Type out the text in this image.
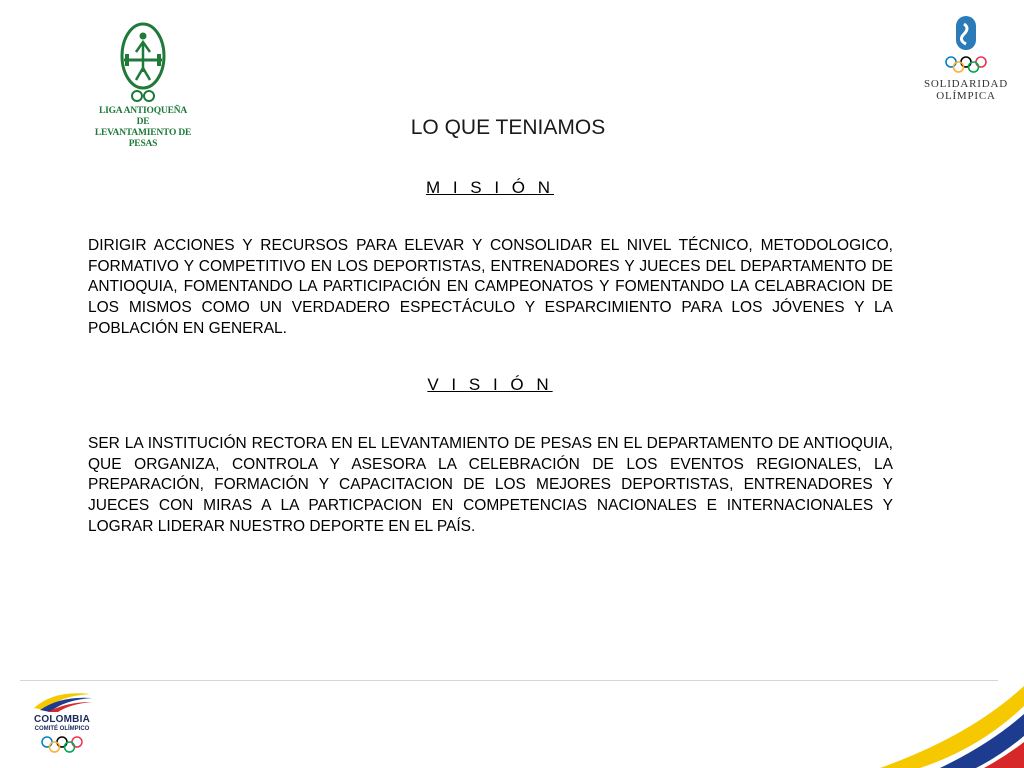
LIGA ANTIOQUEÑA DE
LEVANTAMIENTO DE PESAS
SOLIDARIDAD
OLÍMPICA
LO QUE TENIAMOS
M I S I Ó N
DIRIGIR ACCIONES Y RECURSOS PARA ELEVAR Y CONSOLIDAR EL NIVEL TÉCNICO, METODOLOGICO, FORMATIVO Y COMPETITIVO EN LOS DEPORTISTAS, ENTRENADORES Y JUECES DEL DEPARTAMENTO DE ANTIOQUIA, FOMENTANDO LA PARTICIPACIÓN EN CAMPEONATOS Y FOMENTANDO LA CELABRACION DE LOS MISMOS COMO UN VERDADERO ESPECTÁCULO Y ESPARCIMIENTO PARA LOS JÓVENES Y LA POBLACIÓN EN GENERAL.
V I S I Ó N
SER LA INSTITUCIÓN RECTORA EN EL LEVANTAMIENTO DE PESAS EN EL DEPARTAMENTO DE ANTIOQUIA, QUE ORGANIZA, CONTROLA Y ASESORA LA CELEBRACIÓN DE LOS EVENTOS REGIONALES, LA PREPARACIÓN, FORMACIÓN Y CAPACITACION DE LOS MEJORES DEPORTISTAS, ENTRENADORES Y JUECES CON MIRAS A LA PARTICPACION EN COMPETENCIAS NACIONALES E INTERNACIONALES Y LOGRAR LIDERAR NUESTRO DEPORTE EN EL PAÍS.
COLOMBIA
COMITÉ OLÍMPICO
